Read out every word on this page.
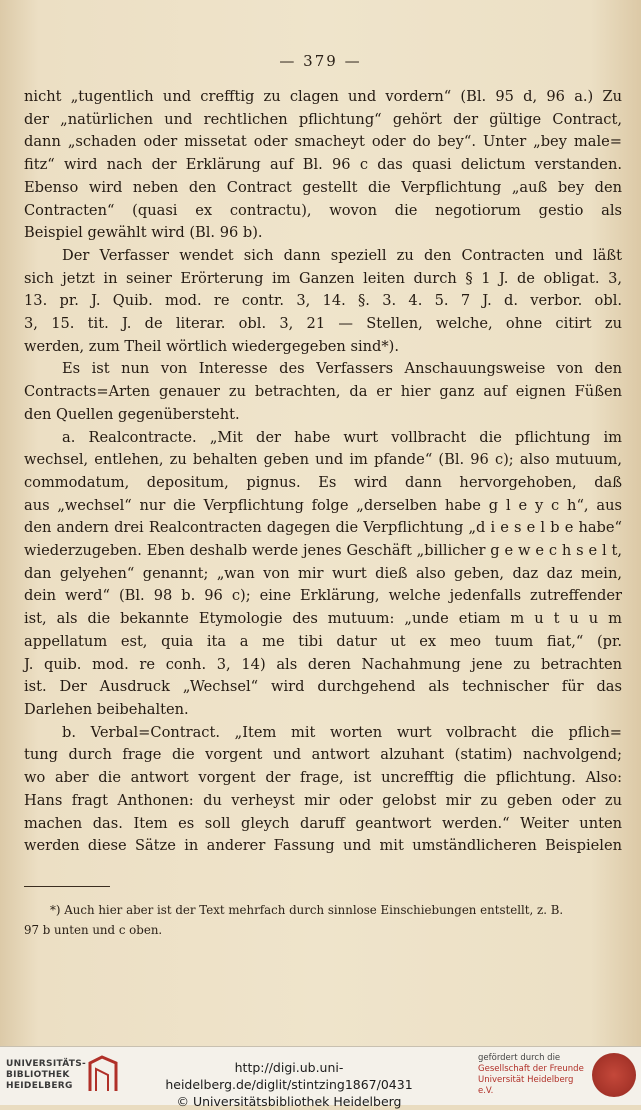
— 379 —

nicht „tugentlich und crefftig zu clagen und vordern“ (Bl. 95 d, 96 a.) Zu

der „natürlichen und rechtlichen pflichtung“ gehört der gültige Contract,

dann „schaden oder missetat oder smacheyt oder do bey“. Unter „bey male=

fitz“ wird nach der Erklärung auf Bl. 96 c das quasi delictum verstanden.

Ebenso wird neben den Contract gestellt die Verpflichtung „auß bey den

Contracten“ (quasi ex contractu), wovon die negotiorum gestio als

Beispiel gewählt wird (Bl. 96 b).

Der Verfasser wendet sich dann speziell zu den Contracten und läßt

sich jetzt in seiner Erörterung im Ganzen leiten durch § 1 J. de obligat. 3,

13. pr. J. Quib. mod. re contr. 3, 14. §. 3. 4. 5. 7 J. d. verbor. obl.

3, 15. tit. J. de literar. obl. 3, 21 — Stellen, welche, ohne citirt zu

werden, zum Theil wörtlich wiedergegeben sind*).

Es ist nun von Interesse des Verfassers Anschauungsweise von den

Contracts=Arten genauer zu betrachten, da er hier ganz auf eignen Füßen

den Quellen gegenübersteht.

a. Realcontracte. „Mit der habe wurt vollbracht die pflichtung im

wechsel, entlehen, zu behalten geben und im pfande“ (Bl. 96 c); also mutuum,

commodatum, depositum, pignus. Es wird dann hervorgehoben, daß

aus „wechsel“ nur die Verpflichtung folge „derselben habe g l e y c h“, aus

den andern drei Realcontracten dagegen die Verpflichtung „d i e s e l b e habe“

wiederzugeben. Eben deshalb werde jenes Geschäft „billicher g e w e c h s e l t,

dan gelyehen“ genannt; „wan von mir wurt dieß also geben, daz daz mein,

dein werd“ (Bl. 98 b. 96 c); eine Erklärung, welche jedenfalls zutreffender

ist, als die bekannte Etymologie des mutuum: „unde etiam m u t u u m

appellatum est, quia ita a me tibi datur ut ex meo tuum fiat,“ (pr.

J. quib. mod. re conh. 3, 14) als deren Nachahmung jene zu betrachten

ist. Der Ausdruck „Wechsel“ wird durchgehend als technischer für das

Darlehen beibehalten.

b. Verbal=Contract. „Item mit worten wurt volbracht die pflich=

tung durch frage die vorgent und antwort alzuhant (statim) nachvolgend;

wo aber die antwort vorgent der frage, ist uncrefftig die pflichtung. Also:

Hans fragt Anthonen: du verheyst mir oder gelobst mir zu geben oder zu

machen das. Item es soll gleych daruff geantwort werden.“ Weiter unten

werden diese Sätze in anderer Fassung und mit umständlicheren Beispielen

*) Auch hier aber ist der Text mehrfach durch sinnlose Einschiebungen entstellt, z. B.

97 b unten und c oben.

UNIVERSITÄTS-
BIBLIOTHEK
HEIDELBERG
http://digi.ub.uni-heidelberg.de/diglit/stintzing1867/0431
© Universitätsbibliothek Heidelberg
gefördert durch die
Gesellschaft der Freunde
Universität Heidelberg e.V.
